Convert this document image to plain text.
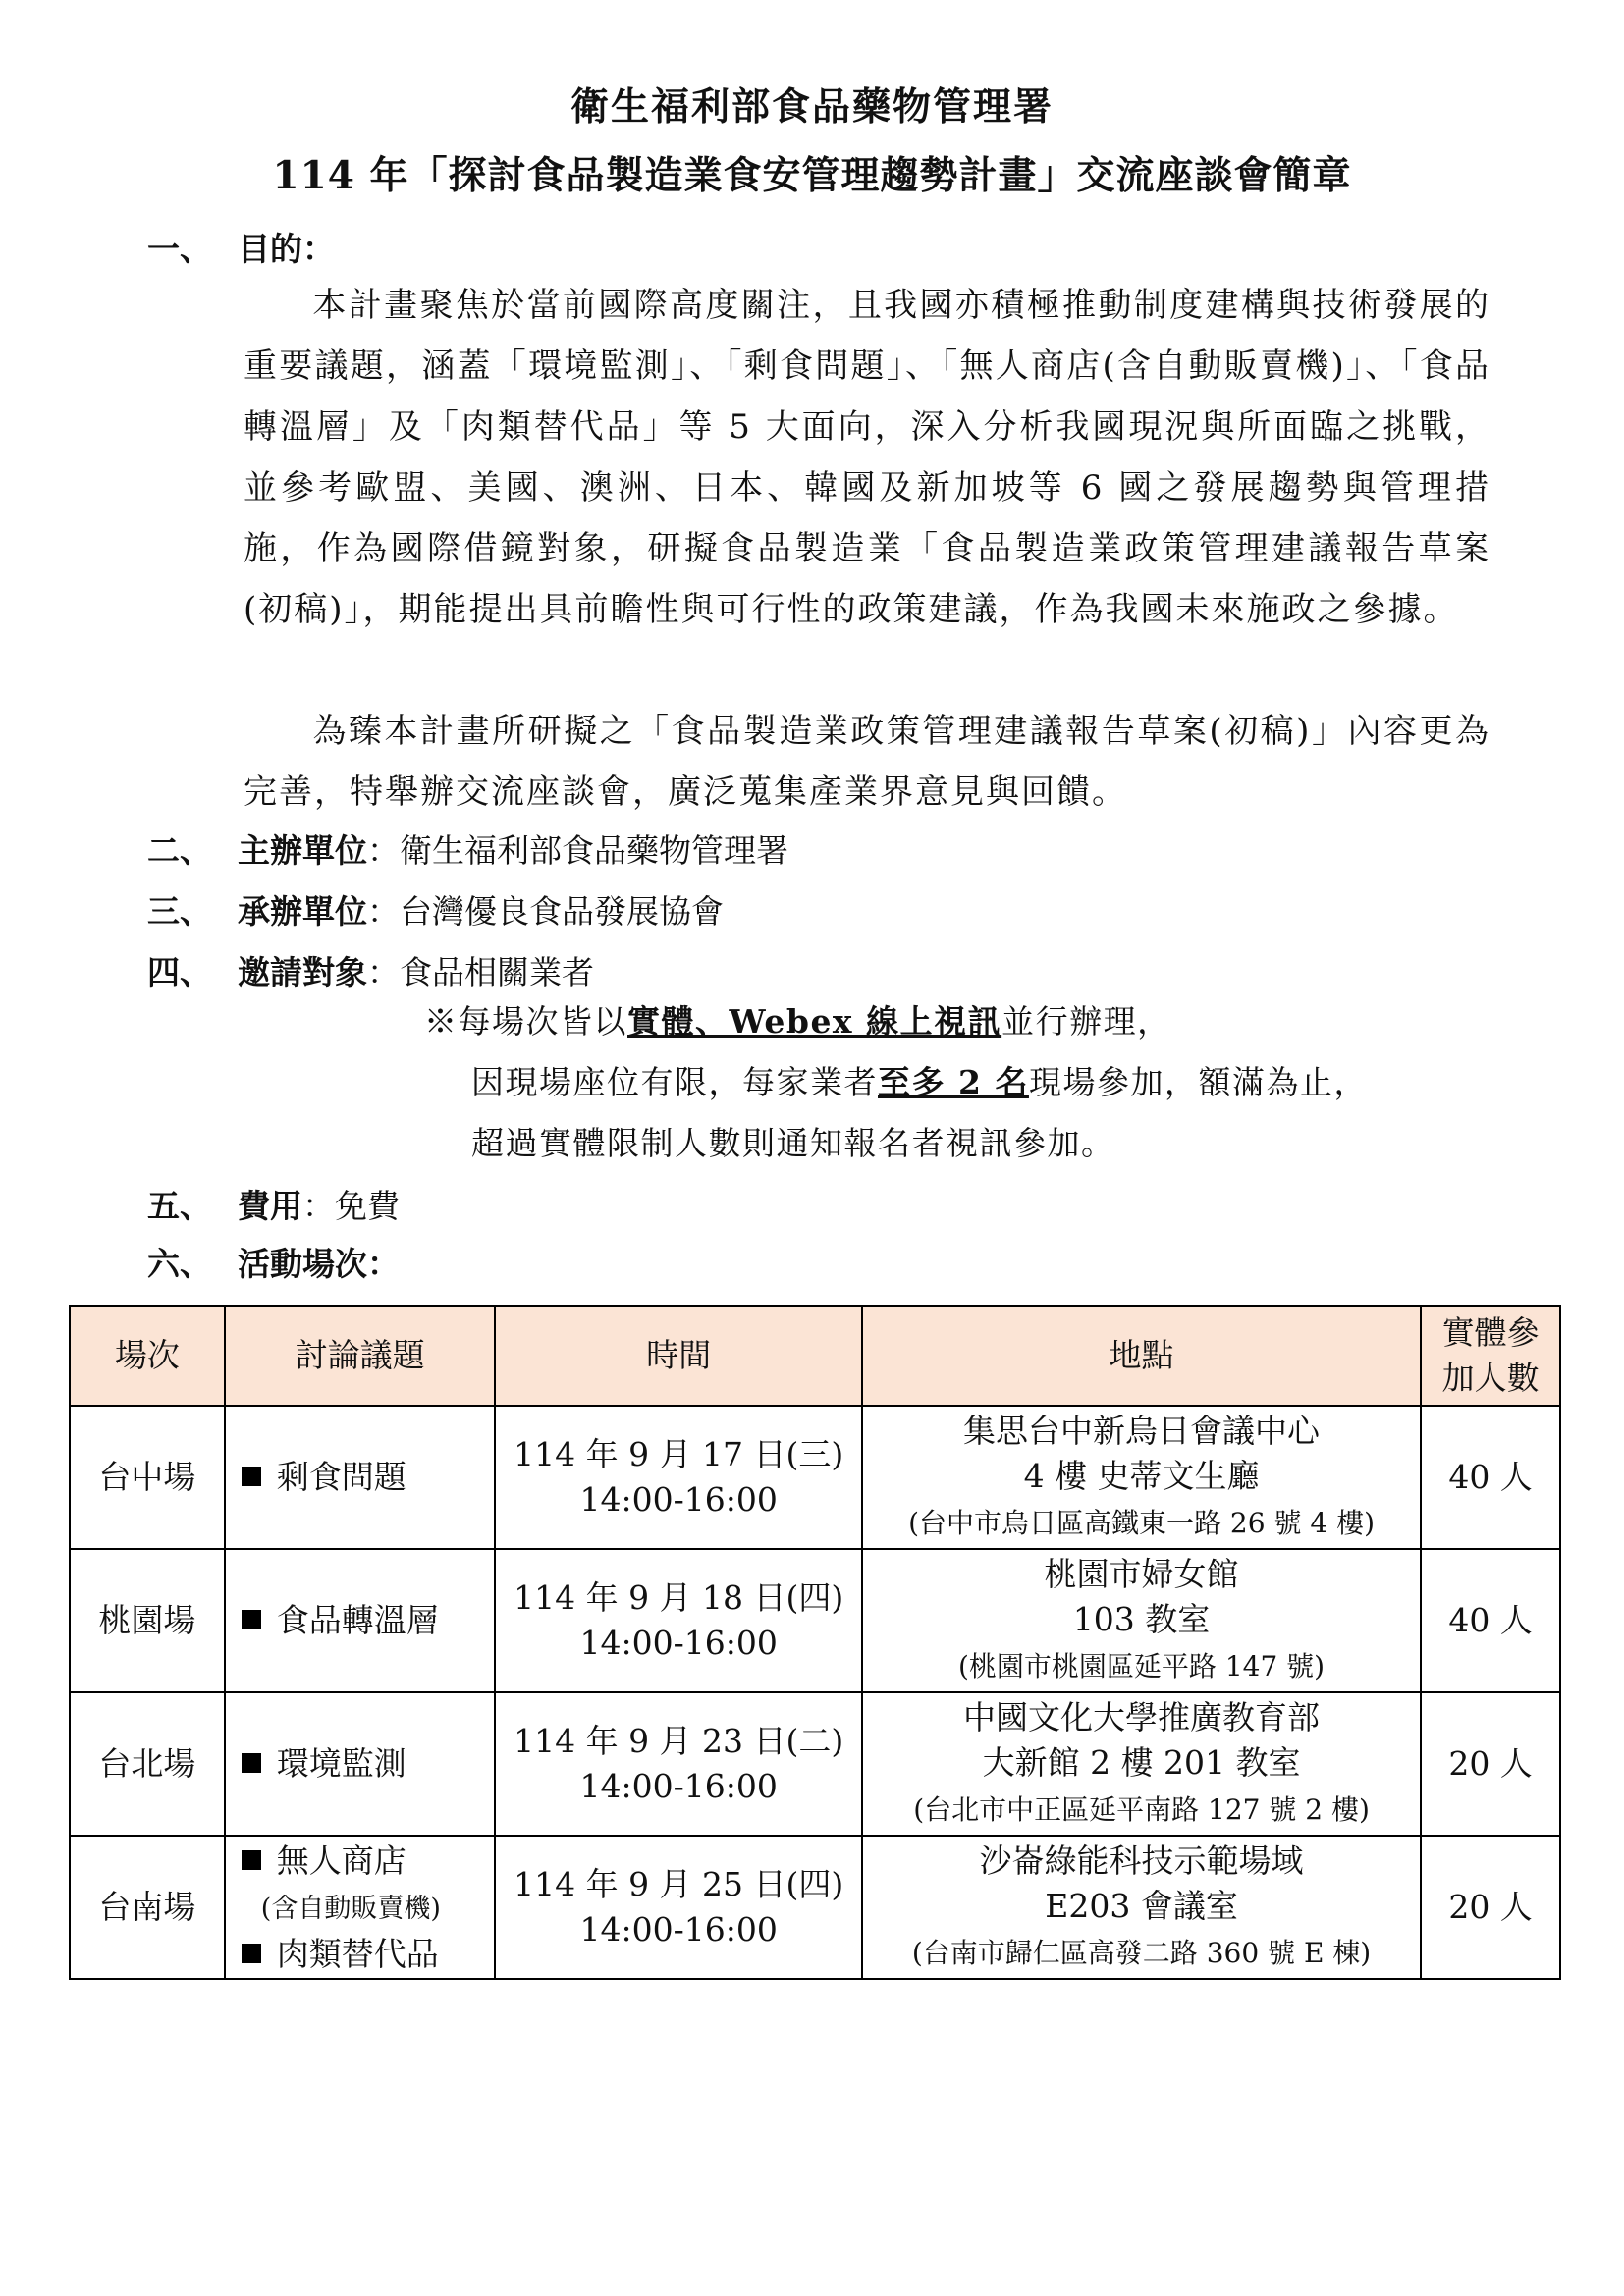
衛生福利部食品藥物管理署
114 年「探討食品製造業食安管理趨勢計畫」交流座談會簡章
一、 目的：
本計畫聚焦於當前國際高度關注，且我國亦積極推動制度建構與技術發展的重要議題，涵蓋「環境監測」、「剩食問題」、「無人商店(含自動販賣機)」、「食品轉溫層」及「肉類替代品」等 5 大面向，深入分析我國現況與所面臨之挑戰，並參考歐盟、美國、澳洲、日本、韓國及新加坡等 6 國之發展趨勢與管理措施，作為國際借鏡對象，研擬食品製造業「食品製造業政策管理建議報告草案(初稿)」，期能提出具前瞻性與可行性的政策建議，作為我國未來施政之參據。
為臻本計畫所研擬之「食品製造業政策管理建議報告草案(初稿)」內容更為完善，特舉辦交流座談會，廣泛蒐集產業界意見與回饋。
二、 主辦單位：衛生福利部食品藥物管理署
三、 承辦單位：台灣優良食品發展協會
四、 邀請對象：食品相關業者
※每場次皆以實體、Webex 線上視訊並行辦理，
因現場座位有限，每家業者至多 2 名現場參加，額滿為止，
超過實體限制人數則通知報名者視訊參加。
五、 費用：免費
六、 活動場次：
場次	討論議題	時間	地點	實體參
加人數
台中場	剩食問題	114 年 9 月 17 日(三)
14:00-16:00	集思台中新烏日會議中心
4 樓 史蒂文生廳
(台中市烏日區高鐵東一路 26 號 4 樓)	40 人
桃園場	食品轉溫層	114 年 9 月 18 日(四)
14:00-16:00	桃園市婦女館
103 教室
(桃園市桃園區延平路 147 號)	40 人
台北場	環境監測	114 年 9 月 23 日(二)
14:00-16:00	中國文化大學推廣教育部
大新館 2 樓 201 教室
(台北市中正區延平南路 127 號 2 樓)	20 人
台南場	無人商店
(含自動販賣機)
肉類替代品	114 年 9 月 25 日(四)
14:00-16:00	沙崙綠能科技示範場域
E203 會議室
(台南市歸仁區高發二路 360 號 E 棟)	20 人
